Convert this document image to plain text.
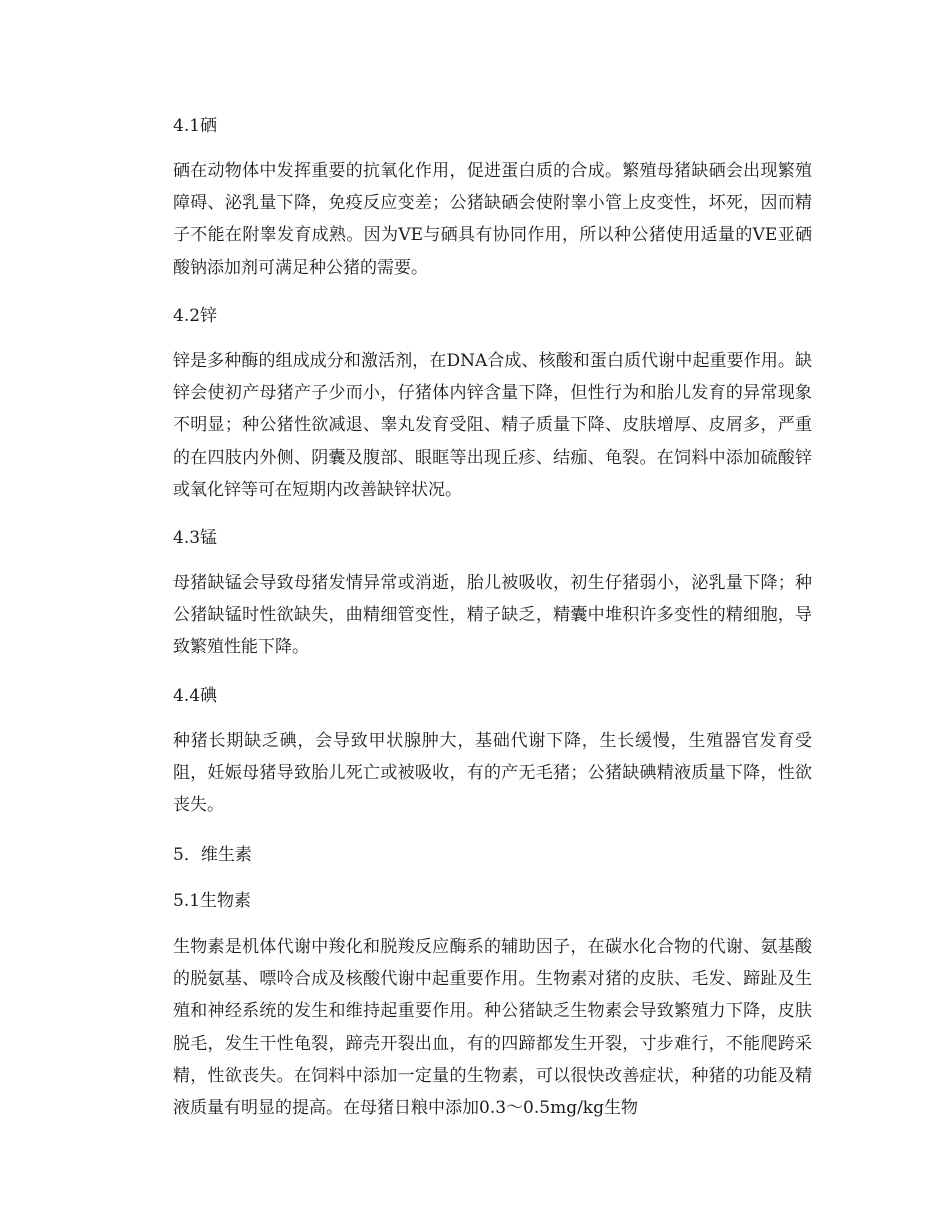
4.1硒
硒在动物体中发挥重要的抗氧化作用，促进蛋白质的合成。繁殖母猪缺硒会出现繁殖障碍、泌乳量下降，免疫反应变差；公猪缺硒会使附睾小管上皮变性，坏死，因而精子不能在附睾发育成熟。因为VE与硒具有协同作用，所以种公猪使用适量的VE亚硒酸钠添加剂可满足种公猪的需要。
4.2锌
锌是多种酶的组成成分和激活剂，在DNA合成、核酸和蛋白质代谢中起重要作用。缺锌会使初产母猪产子少而小，仔猪体内锌含量下降，但性行为和胎儿发育的异常现象不明显；种公猪性欲减退、睾丸发育受阻、精子质量下降、皮肤增厚、皮屑多，严重的在四肢内外侧、阴囊及腹部、眼眶等出现丘疹、结痂、龟裂。在饲料中添加硫酸锌或氧化锌等可在短期内改善缺锌状况。
4.3锰
母猪缺锰会导致母猪发情异常或消逝，胎儿被吸收，初生仔猪弱小，泌乳量下降；种公猪缺锰时性欲缺失，曲精细管变性，精子缺乏，精囊中堆积许多变性的精细胞，导致繁殖性能下降。
4.4碘
种猪长期缺乏碘，会导致甲状腺肿大，基础代谢下降，生长缓慢，生殖器官发育受阻，妊娠母猪导致胎儿死亡或被吸收，有的产无毛猪；公猪缺碘精液质量下降，性欲丧失。
5．维生素
5.1生物素
生物素是机体代谢中羧化和脱羧反应酶系的辅助因子，在碳水化合物的代谢、氨基酸的脱氨基、嘌呤合成及核酸代谢中起重要作用。生物素对猪的皮肤、毛发、蹄趾及生殖和神经系统的发生和维持起重要作用。种公猪缺乏生物素会导致繁殖力下降，皮肤脱毛，发生干性龟裂，蹄壳开裂出血，有的四蹄都发生开裂，寸步难行，不能爬跨采精，性欲丧失。在饲料中添加一定量的生物素，可以很快改善症状，种猪的功能及精液质量有明显的提高。在母猪日粮中添加0.3～0.5mg/kg生物
